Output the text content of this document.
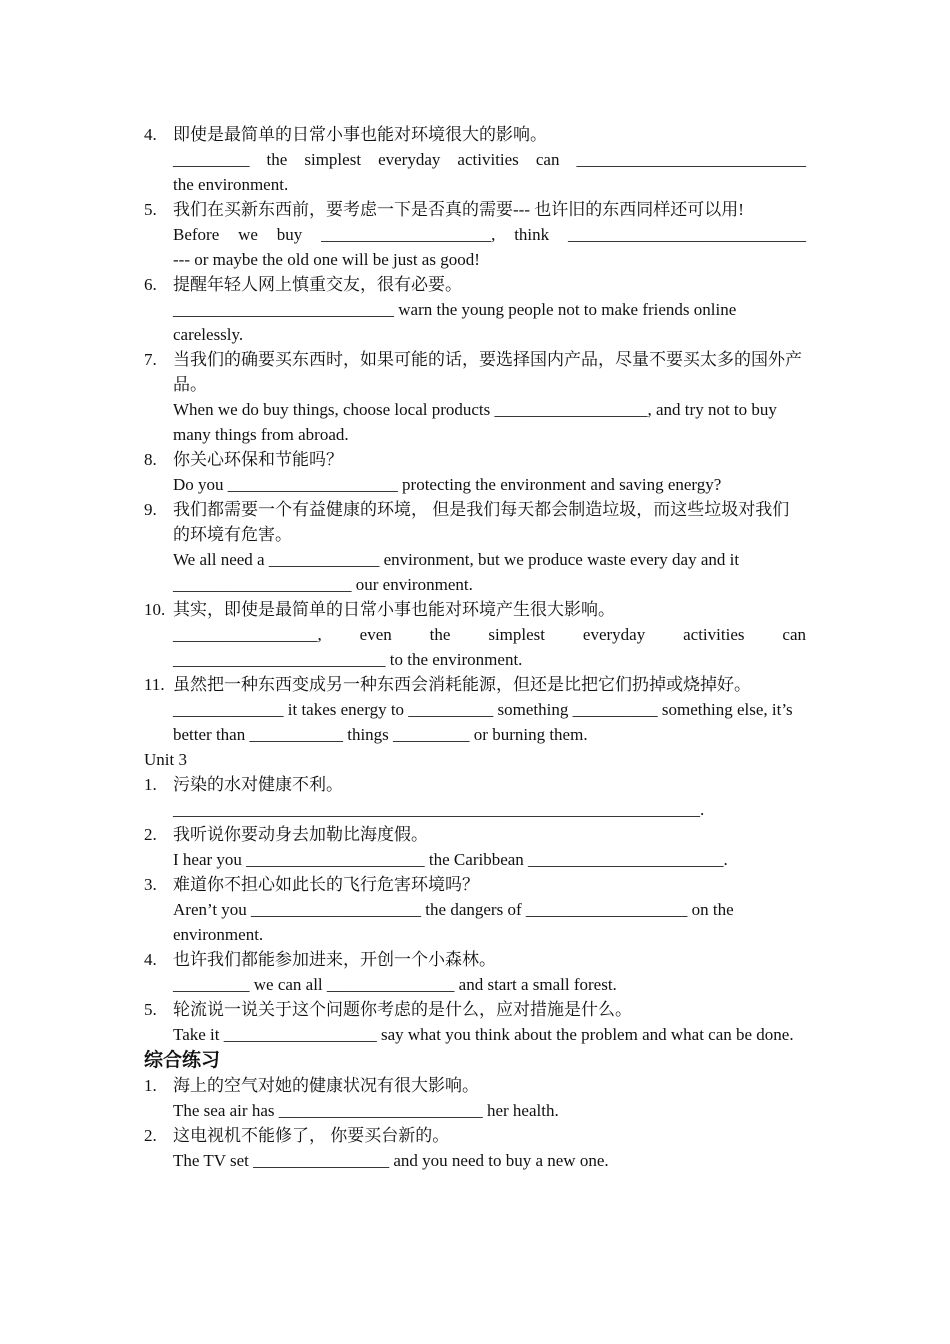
4. 即使是最简单的日常小事也能对环境很大的影响。
_________ the simplest everyday activities can ___________________________
the environment.
5. 我们在买新东西前，要考虑一下是否真的需要--- 也许旧的东西同样还可以用!
Before we buy ____________________, think ____________________________
--- or maybe the old one will be just as good!
6. 提醒年轻人网上慎重交友，很有必要。
__________________________ warn the young people not to make friends online carelessly.
7. 当我们的确要买东西时，如果可能的话，要选择国内产品，尽量不要买太多的国外产品。
When we do buy things, choose local products __________________, and try not to buy many things from abroad.
8. 你关心环保和节能吗？
Do you ____________________ protecting the environment and saving energy?
9. 我们都需要一个有益健康的环境， 但是我们每天都会制造垃圾，而这些垃圾对我们的环境有危害。
We all need a _____________ environment, but we produce waste every day and it _____________________ our environment.
10. 其实，即使是最简单的日常小事也能对环境产生很大影响。
_________________, even the simplest everyday activities can
_________________________ to the environment.
11. 虽然把一种东西变成另一种东西会消耗能源，但还是比把它们扔掉或烧掉好。
_____________ it takes energy to __________ something __________ something else, it’s better than ___________ things _________ or burning them.
Unit 3
1. 污染的水对健康不利。
______________________________________________________________.
2. 我听说你要动身去加勒比海度假。
I hear you _____________________ the Caribbean _______________________.
3. 难道你不担心如此长的飞行危害环境吗？
Aren’t you ____________________ the dangers of ___________________ on the environment.
4. 也许我们都能参加进来，开创一个小森林。
_________ we can all _______________ and start a small forest.
5. 轮流说一说关于这个问题你考虑的是什么，应对措施是什么。
Take it __________________ say what you think about the problem and what can be done.
综合练习
1. 海上的空气对她的健康状况有很大影响。
The sea air has ________________________ her health.
2. 这电视机不能修了， 你要买台新的。
The TV set ________________ and you need to buy a new one.
